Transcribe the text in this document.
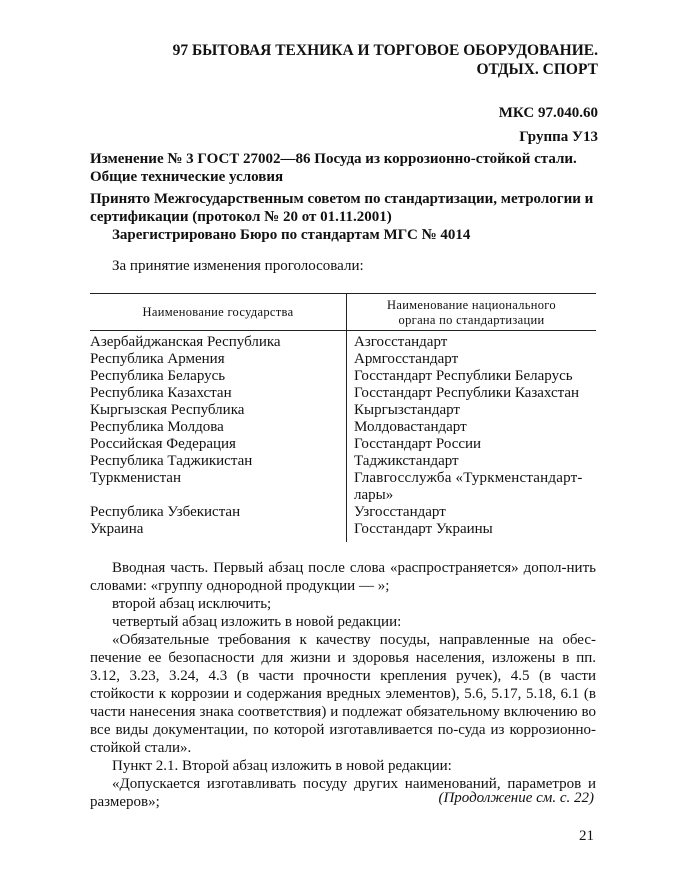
97 БЫТОВАЯ ТЕХНИКА И ТОРГОВОЕ ОБОРУДОВАНИЕ.
ОТДЫХ. СПОРТ
МКС 97.040.60
Группа У13
Изменение № 3 ГОСТ 27002—86 Посуда из коррозионно-стойкой стали.
Общие технические условия
Принято Межгосударственным советом по стандартизации, метрологии и
сертификации (протокол № 20 от 01.11.2001)
Зарегистрировано Бюро по стандартам МГС № 4014
За принятие изменения проголосовали:
Наименование государства	Наименование национального
органа по стандартизации
Азербайджанская Республика	Азгосстандарт
Республика Армения	Армгосстандарт
Республика Беларусь	Госстандарт Республики Беларусь
Республика Казахстан	Госстандарт Республики Казахстан
Кыргызская Республика	Кыргызстандарт
Республика Молдова	Молдовастандарт
Российская Федерация	Госстандарт России
Республика Таджикистан	Таджикстандарт
Туркменистан	Главгосслужба «Туркменстандарт-
лары»
Республика Узбекистан	Узгосстандарт
Украина	Госстандарт Украины

Вводная часть. Первый абзац после слова «распространяется» допол-нить словами: «группу однородной продукции — »;

второй абзац исключить;

четвертый абзац изложить в новой редакции:

«Обязательные требования к качеству посуды, направленные на обес-печение ее безопасности для жизни и здоровья населения, изложены в пп. 3.12, 3.23, 3.24, 4.3 (в части прочности крепления ручек), 4.5 (в части стойкости к коррозии и содержания вредных элементов), 5.6, 5.17, 5.18, 6.1 (в части нанесения знака соответствия) и подлежат обязательному включению во все виды документации, по которой изготавливается по-суда из коррозионно-стойкой стали».

Пункт 2.1. Второй абзац изложить в новой редакции:

«Допускается изготавливать посуду других наименований, параметров и размеров»;	(Продолжение см. с. 22)
21
